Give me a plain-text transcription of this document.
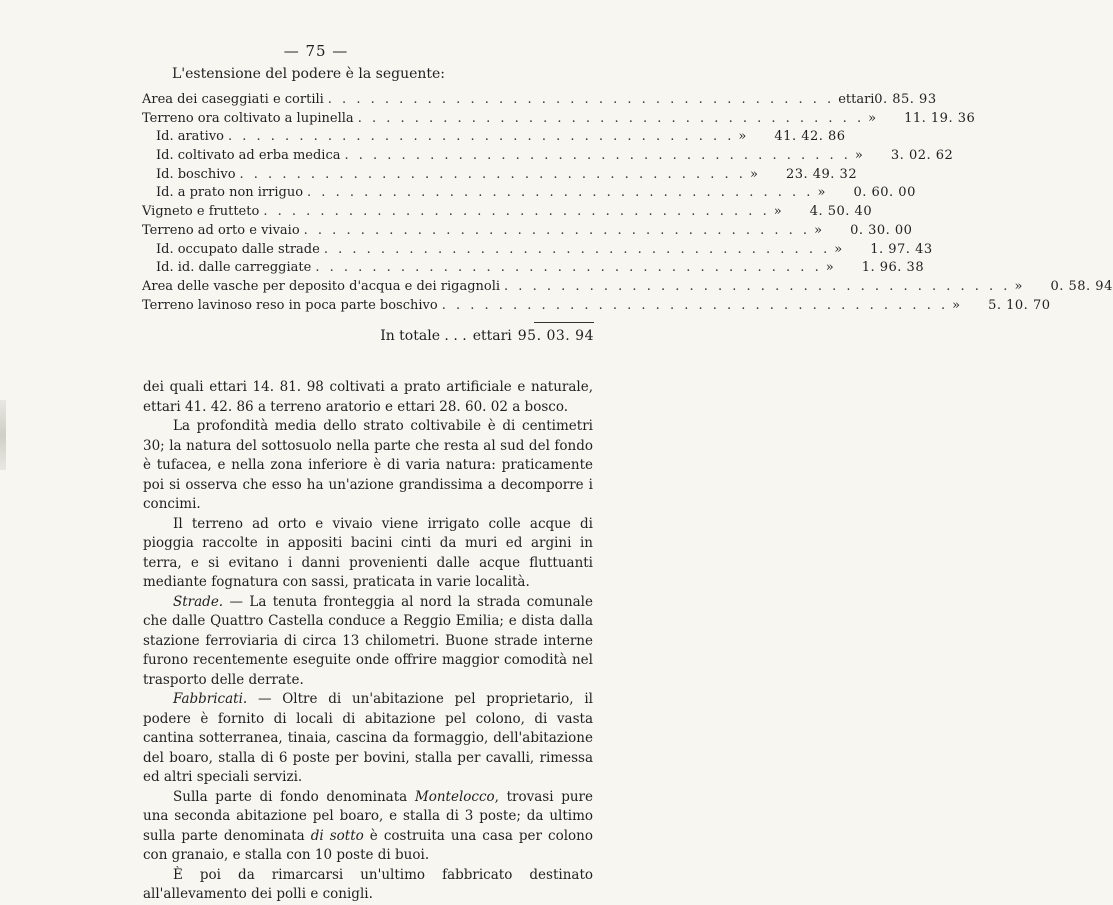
— 75 —
L'estensione del podere è la seguente:
Area dei caseggiati e cortili . . . . . . . . . . . . . . . . . . . . . . . . . . . . . . . . . . . . ettari 0. 85. 93
Terreno ora coltivato a lupinella . . . . . . . . . . . . . . . . . . . . . . . . . . . . . . . . . . . . »	11. 19. 36
Id. arativo . . . . . . . . . . . . . . . . . . . . . . . . . . . . . . . . . . . . »	41. 42. 86
Id. coltivato ad erba medica . . . . . . . . . . . . . . . . . . . . . . . . . . . . . . . . . . . . »	3. 02. 62
Id. boschivo . . . . . . . . . . . . . . . . . . . . . . . . . . . . . . . . . . . . »	23. 49. 32
Id. a prato non irriguo . . . . . . . . . . . . . . . . . . . . . . . . . . . . . . . . . . . . »	0. 60. 00
Vigneto e frutteto . . . . . . . . . . . . . . . . . . . . . . . . . . . . . . . . . . . . »	4. 50. 40
Terreno ad orto e vivaio . . . . . . . . . . . . . . . . . . . . . . . . . . . . . . . . . . . . »	0. 30. 00
Id. occupato dalle strade . . . . . . . . . . . . . . . . . . . . . . . . . . . . . . . . . . . . »	1. 97. 43
Id. id. dalle carreggiate . . . . . . . . . . . . . . . . . . . . . . . . . . . . . . . . . . . . »	1. 96. 38
Area delle vasche per deposito d'acqua e dei rigagnoli . . . . . . . . . . . . . . . . . . . . . . . . . . . . . . . . . . . . »	0. 58. 94
Terreno lavinoso reso in poca parte boschivo . . . . . . . . . . . . . . . . . . . . . . . . . . . . . . . . . . . . »	5. 10. 70
In totale . . . ettari 95. 03. 94

dei quali ettari 14. 81. 98 coltivati a prato artificiale e naturale, ettari 41. 42. 86 a terreno aratorio e ettari 28. 60. 02 a bosco.

La profondità media dello strato coltivabile è di centimetri 30; la natura del sottosuolo nella parte che resta al sud del fondo è tufacea, e nella zona inferiore è di varia natura: praticamente poi si osserva che esso ha un'azione grandissima a decomporre i concimi.

Il terreno ad orto e vivaio viene irrigato colle acque di pioggia raccolte in appositi bacini cinti da muri ed argini in terra, e si evitano i danni provenienti dalle acque fluttuanti mediante fognatura con sassi, praticata in varie località.

Strade. — La tenuta fronteggia al nord la strada comunale che dalle Quattro Castella conduce a Reggio Emilia; e dista dalla stazione ferroviaria di circa 13 chilometri. Buone strade interne furono recentemente eseguite onde offrire maggior comodità nel trasporto delle derrate.

Fabbricati. — Oltre di un'abitazione pel proprietario, il podere è fornito di locali di abitazione pel colono, di vasta cantina sotterranea, tinaia, cascina da formaggio, dell'abitazione del boaro, stalla di 6 poste per bovini, stalla per cavalli, rimessa ed altri speciali servizi.

Sulla parte di fondo denominata Montelocco, trovasi pure una seconda abitazione pel boaro, e stalla di 3 poste; da ultimo sulla parte denominata di sotto è costruita una casa per colono con granaio, e stalla con 10 poste di buoi.

È poi da rimarcarsi un'ultimo fabbricato destinato all'allevamento dei polli e conigli.
